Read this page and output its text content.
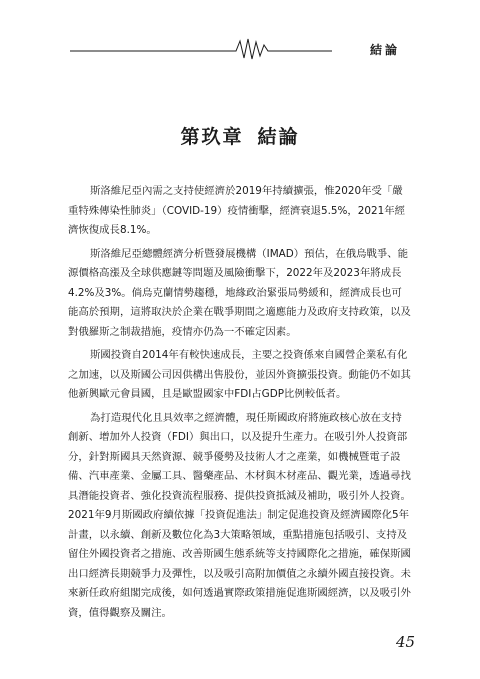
結論
第玖章 結論

斯洛維尼亞內需之支持使經濟於2019年持續擴張，惟2020年受「嚴重特殊傳染性肺炎」（COVID-19）疫情衝擊，經濟衰退5.5%，2021年經濟恢復成長8.1%。

斯洛維尼亞總體經濟分析暨發展機構（IMAD）預估，在俄烏戰爭、能源價格高漲及全球供應鏈等問題及風險衝擊下，2022年及2023年將成長4.2%及3%。倘烏克蘭情勢趨穩，地緣政治緊張局勢緩和，經濟成長也可能高於預期，這將取決於企業在戰爭期間之適應能力及政府支持政策，以及對俄羅斯之制裁措施，疫情亦仍為一不確定因素。

斯國投資自2014年有較快速成長，主要之投資係來自國營企業私有化之加速，以及斯國公司因供構出售股份，並因外資擴張投資。動能仍不如其他新興歐元會員國，且是歐盟國家中FDI占GDP比例較低者。

為打造現代化且具效率之經濟體，現任斯國政府將施政核心放在支持創新、增加外人投資（FDI）與出口，以及提升生產力。在吸引外人投資部分，針對斯國具天然資源、競爭優勢及技術人才之產業，如機械暨電子設備、汽車產業、金屬工具、醫藥產品、木材與木材產品、觀光業，透過尋找具潛能投資者、強化投資流程服務、提供投資抵減及補助，吸引外人投資。2021年9月斯國政府續依據「投資促進法」制定促進投資及經濟國際化5年計畫，以永續、創新及數位化為3大策略領域，重點措施包括吸引、支持及留住外國投資者之措施、改善斯國生態系統等支持國際化之措施，確保斯國出口經濟長期競爭力及彈性，以及吸引高附加價值之永續外國直接投資。未來新任政府組閣完成後，如何透過實際政策措施促進斯國經濟，以及吸引外資，值得觀察及關注。

45
